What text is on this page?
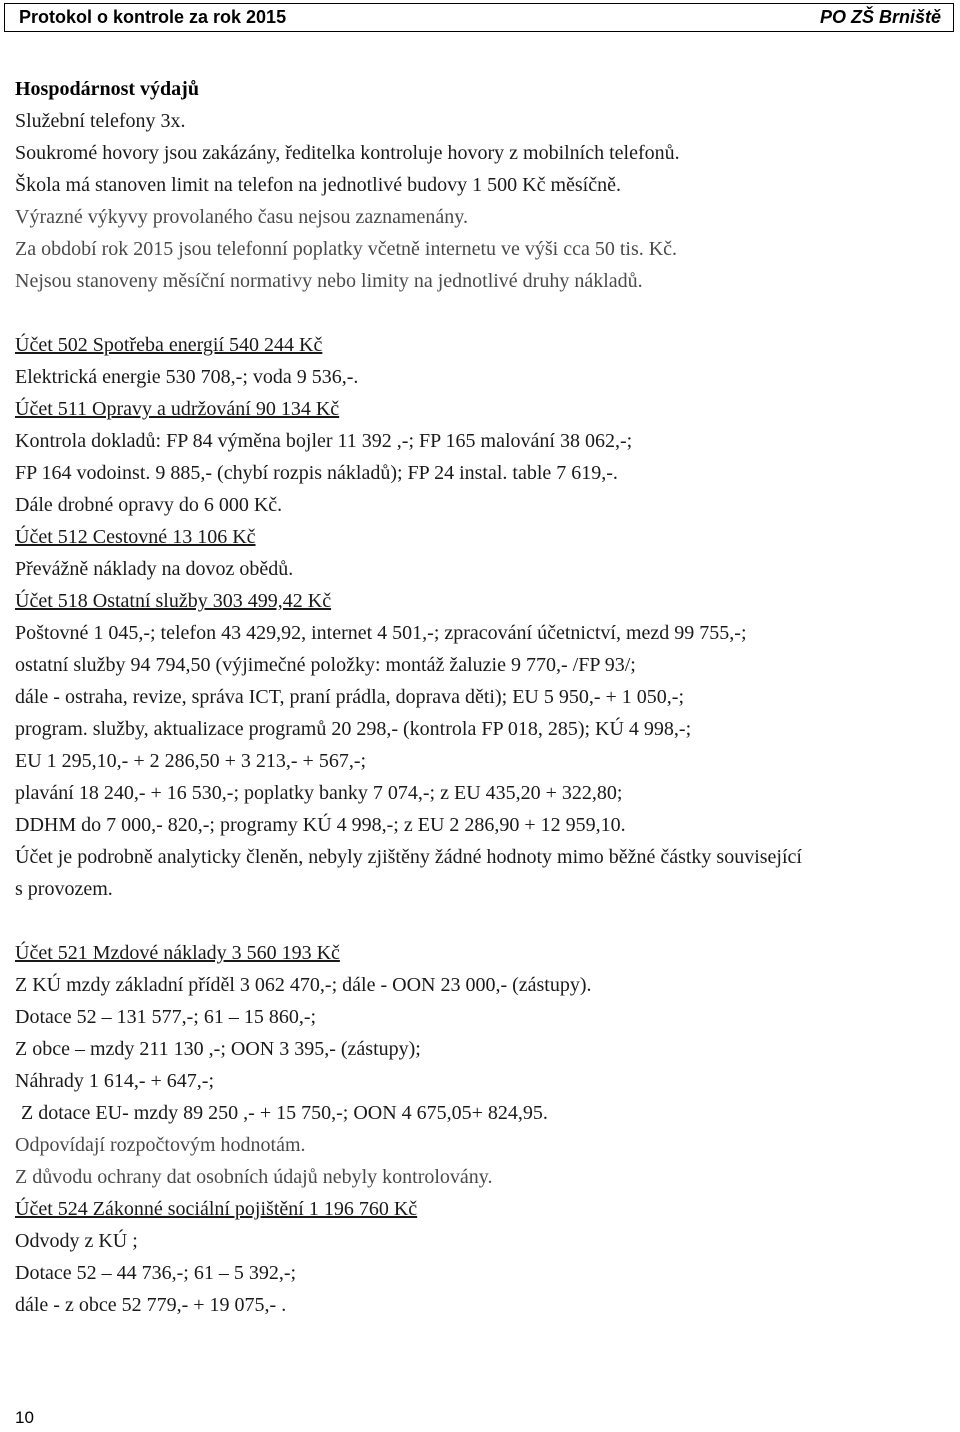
Protokol o kontrole za rok 2015	PO ZŠ Brniště
Hospodárnost výdajů
Služební telefony 3x.
Soukromé hovory jsou zakázány, ředitelka kontroluje hovory z mobilních telefonů.
Škola má stanoven limit na telefon na jednotlivé budovy 1 500 Kč měsíčně.
Výrazné výkyvy provolaného času nejsou zaznamenány.
Za období rok 2015 jsou telefonní poplatky včetně internetu ve výši cca 50 tis. Kč.
Nejsou stanoveny měsíční normativy nebo limity na jednotlivé druhy nákladů.
Účet 502 Spotřeba energií 540 244 Kč
Elektrická energie 530 708,-; voda 9 536,-.
Účet 511 Opravy a udržování 90 134 Kč
Kontrola dokladů: FP 84 výměna bojler 11 392 ,-; FP 165 malování 38 062,-;
FP 164 vodoinst. 9 885,- (chybí rozpis nákladů); FP 24 instal. table 7 619,-.
Dále drobné opravy do 6 000 Kč.
Účet 512 Cestovné 13 106 Kč
Převážně náklady na dovoz obědů.
Účet 518 Ostatní služby 303 499,42 Kč
Poštovné 1 045,-; telefon 43 429,92, internet 4 501,-; zpracování účetnictví, mezd 99 755,-;
ostatní služby 94 794,50 (výjimečné položky: montáž žaluzie 9 770,- /FP 93/;
dále - ostraha, revize, správa ICT, praní prádla, doprava děti); EU 5 950,- + 1 050,-;
program. služby, aktualizace programů 20 298,- (kontrola FP 018, 285); KÚ 4 998,-;
EU 1 295,10,- + 2 286,50 + 3 213,- + 567,-;
plavání 18 240,- + 16 530,-; poplatky banky 7 074,-; z EU 435,20 + 322,80;
DDHM do 7 000,- 820,-; programy KÚ 4 998,-; z EU 2 286,90 + 12 959,10.
Účet je podrobně analyticky členěn, nebyly zjištěny žádné hodnoty mimo běžné částky související
s provozem.
Účet 521 Mzdové náklady 3 560 193 Kč
Z KÚ mzdy základní příděl 3 062 470,-; dále - OON 23 000,- (zástupy).
Dotace 52 – 131 577,-; 61 – 15 860,-;
Z obce – mzdy 211 130 ,-; OON 3 395,- (zástupy);
Náhrady 1 614,- + 647,-;
Z dotace EU- mzdy 89 250 ,- + 15 750,-; OON 4 675,05+ 824,95.
Odpovídají rozpočtovým hodnotám.
Z důvodu ochrany dat osobních údajů nebyly kontrolovány.
Účet 524 Zákonné sociální pojištění 1 196 760 Kč
Odvody z KÚ ;
Dotace 52 – 44 736,-; 61 – 5 392,-;
dále - z obce 52 779,- + 19 075,- .
10
